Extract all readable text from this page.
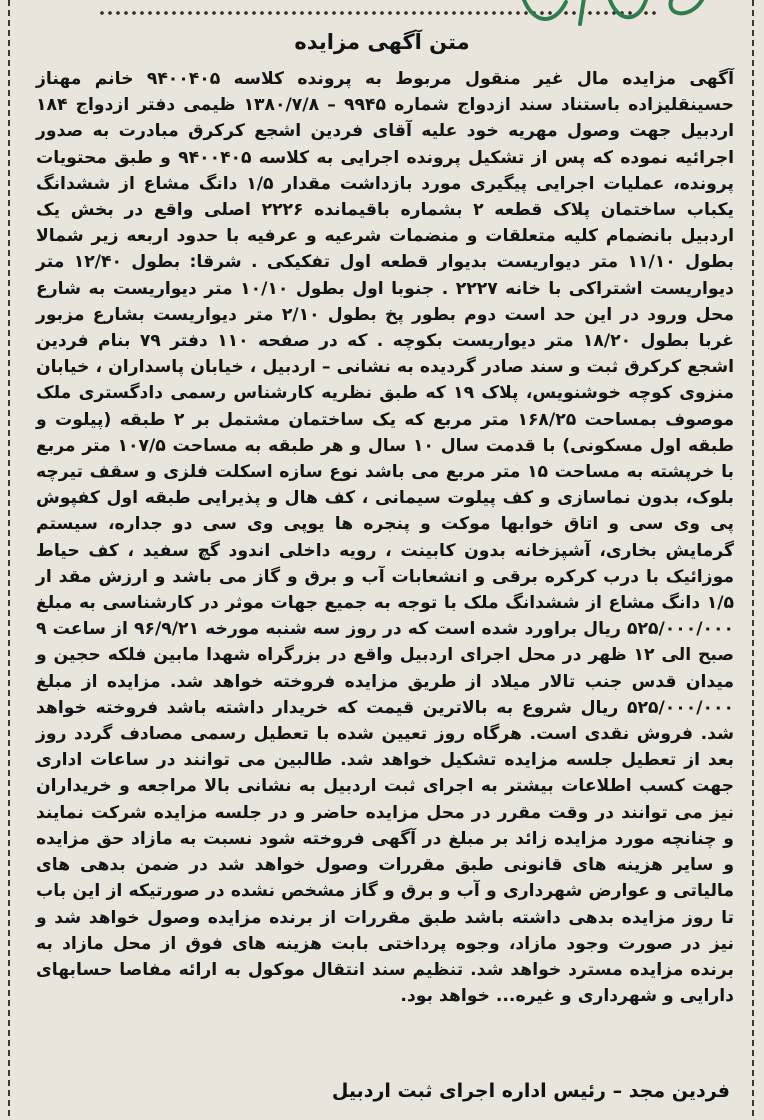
متن آگهی مزایده

آگهی مزایده مال غیر منقول مربوط به پرونده کلاسه ۹۴۰۰۴۰۵ خانم مهناز حسینقلیزاده باستناد سند ازدواج شماره ۹۹۴۵ – ۱۳۸۰/۷/۸ ظیمی دفتر ازدواج ۱۸۴ اردبیل جهت وصول مهریه خود علیه آقای فردین اشجع کرکرق مبادرت به صدور اجرائیه نموده که پس از تشکیل پرونده اجرایی به کلاسه ۹۴۰۰۴۰۵ و طبق محتویات پرونده، عملیات اجرایی پیگیری مورد بازداشت مقدار ۱/۵ دانگ مشاع از ششدانگ یکباب ساختمان پلاک قطعه ۲ بشماره باقیمانده ۲۲۲۶ اصلی واقع در بخش یک اردبیل بانضمام کلیه متعلقات و منضمات شرعیه و عرفیه با حدود اربعه زیر شمالا بطول ۱۱/۱۰ متر دیواریست بدیوار قطعه اول تفکیکی . شرقا: بطول ۱۲/۴۰ متر دیواریست اشتراکی با خانه ۲۲۲۷ . جنوبا اول بطول ۱۰/۱۰ متر دیواریست به شارع محل ورود در این حد است دوم بطور پخ بطول ۲/۱۰ متر دیواریست بشارع مزبور غربا بطول ۱۸/۲۰ متر دیواریست بکوچه . که در صفحه ۱۱۰ دفتر ۷۹ بنام فردین اشجع کرکرق ثبت و سند صادر گردیده به نشانی – اردبیل ، خیابان پاسداران ، خیابان منزوی کوچه خوشنویس، پلاک ۱۹ که طبق نظریه کارشناس رسمی دادگستری ملک موصوف بمساحت ۱۶۸/۲۵ متر مربع که یک ساختمان مشتمل بر ۲ طبقه (پیلوت و طبقه اول مسکونی) با قدمت سال ۱۰ سال و هر طبقه به مساحت ۱۰۷/۵ متر مربع با خرپشته به مساحت ۱۵ متر مربع می باشد نوع سازه اسکلت فلزی و سقف تیرچه بلوک، بدون نماسازی و کف پیلوت سیمانی ، کف هال و پذیرایی طبقه اول کفپوش پی وی سی و اتاق خوابها موکت و پنجره ها یوپی وی سی دو جداره، سیستم گرمایش بخاری، آشپزخانه بدون کابینت ، رویه داخلی اندود گچ سفید ، کف حیاط موزائیک با درب کرکره برقی و انشعابات آب و برق و گاز می باشد و ارزش مقد ار ۱/۵ دانگ مشاع از ششدانگ ملک با توجه به جمیع جهات موثر در کارشناسی به مبلغ ۵۲۵/۰۰۰/۰۰۰ ریال براورد شده است که در روز سه شنبه مورخه ۹۶/۹/۲۱ از ساعت ۹ صبح الی ۱۲ ظهر در محل اجرای اردبیل واقع در بزرگراه شهدا مابین فلکه حجین و میدان قدس جنب تالار میلاد از طریق مزایده فروخته خواهد شد. مزایده از مبلغ ۵۲۵/۰۰۰/۰۰۰ ریال شروع به بالاترین قیمت که خریدار داشته باشد فروخته خواهد شد. فروش نقدی است. هرگاه روز تعیین شده با تعطیل رسمی مصادف گردد روز بعد از تعطیل جلسه مزایده تشکیل خواهد شد. طالبین می توانند در ساعات اداری جهت کسب اطلاعات بیشتر به اجرای ثبت اردبیل به نشانی بالا مراجعه و خریداران نیز می توانند در وقت مقرر در محل مزایده حاضر و در جلسه مزایده شرکت نمایند و چنانچه مورد مزایده زائد بر مبلغ در آگهی فروخته شود نسبت به مازاد حق مزایده و سایر هزینه های قانونی طبق مقررات وصول خواهد شد در ضمن بدهی های مالیاتی و عوارض شهرداری و آب و برق و گاز مشخص نشده در صورتیکه از این باب تا روز مزایده بدهی داشته باشد طبق مقررات از برنده مزایده وصول خواهد شد و نیز در صورت وجود مازاد، وجوه پرداختی بابت هزینه های فوق از محل مازاد به برنده مزایده مسترد خواهد شد. تنظیم سند انتقال موکول به ارائه مفاصا حسابهای دارایی و شهرداری و غیره... خواهد بود.

فردین مجد – رئیس اداره اجرای ثبت اردبیل
